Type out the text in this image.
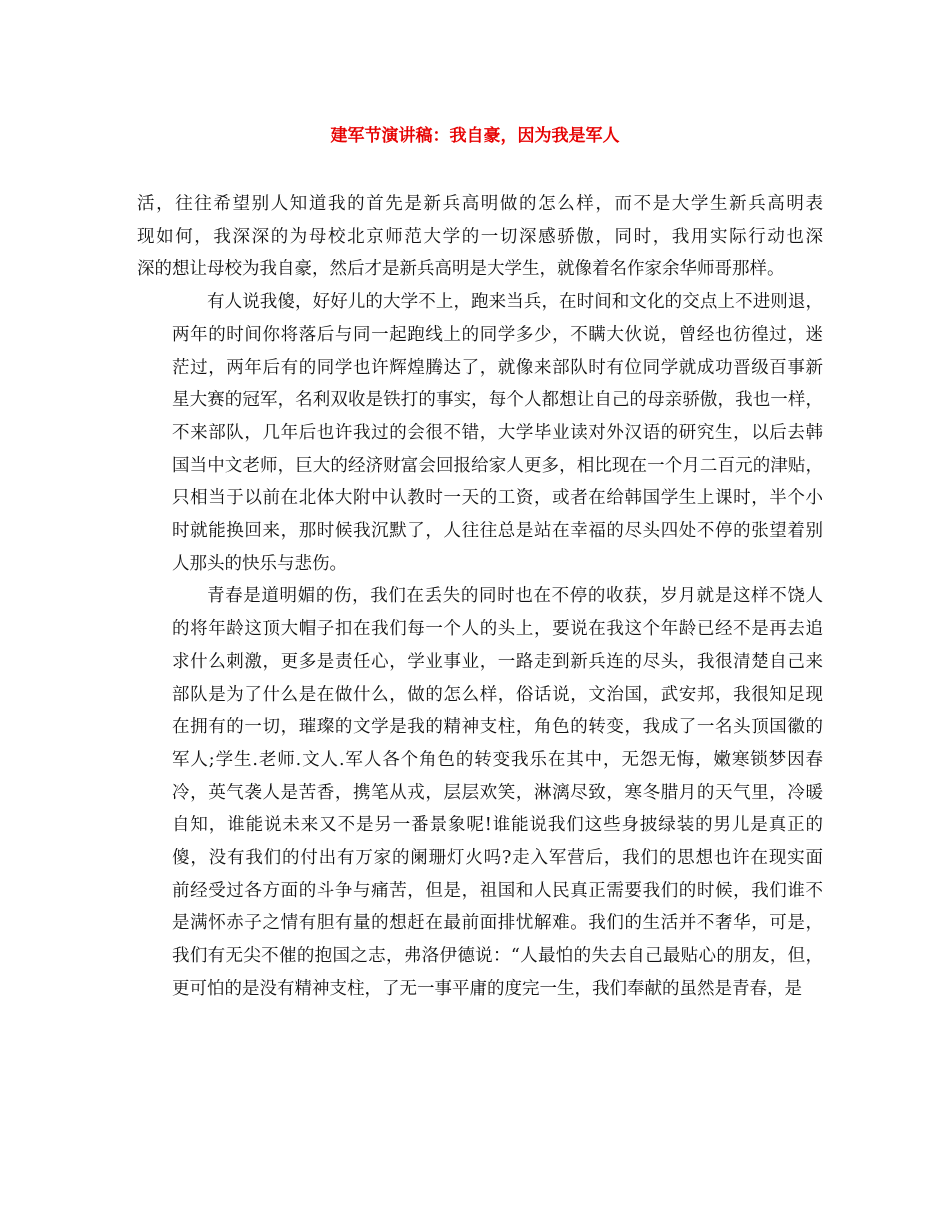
建军节演讲稿：我自豪，因为我是军人
活，往往希望别人知道我的首先是新兵高明做的怎么样，而不是大学生新兵高明表
现如何，我深深的为母校北京师范大学的一切深感骄傲，同时，我用实际行动也深
深的想让母校为我自豪，然后才是新兵高明是大学生，就像着名作家余华师哥那样。
有人说我傻，好好儿的大学不上，跑来当兵，在时间和文化的交点上不进则退，
两年的时间你将落后与同一起跑线上的同学多少，不瞒大伙说，曾经也彷徨过，迷
茫过，两年后有的同学也许辉煌腾达了，就像来部队时有位同学就成功晋级百事新
星大赛的冠军，名利双收是铁打的事实，每个人都想让自己的母亲骄傲，我也一样，
不来部队，几年后也许我过的会很不错，大学毕业读对外汉语的研究生，以后去韩
国当中文老师，巨大的经济财富会回报给家人更多，相比现在一个月二百元的津贴，
只相当于以前在北体大附中认教时一天的工资，或者在给韩国学生上课时，半个小
时就能换回来，那时候我沉默了，人往往总是站在幸福的尽头四处不停的张望着别
人那头的快乐与悲伤。
青春是道明媚的伤，我们在丢失的同时也在不停的收获，岁月就是这样不饶人
的将年龄这顶大帽子扣在我们每一个人的头上，要说在我这个年龄已经不是再去追
求什么刺激，更多是责任心，学业事业，一路走到新兵连的尽头，我很清楚自己来
部队是为了什么是在做什么，做的怎么样，俗话说，文治国，武安邦，我很知足现
在拥有的一切，璀璨的文学是我的精神支柱，角色的转变，我成了一名头顶国徽的
军人;学生.老师.文人.军人各个角色的转变我乐在其中，无怨无悔，嫩寒锁梦因春
冷，英气袭人是苦香，携笔从戎，层层欢笑，淋漓尽致，寒冬腊月的天气里，冷暖
自知，谁能说未来又不是另一番景象呢!谁能说我们这些身披绿装的男儿是真正的
傻，没有我们的付出有万家的阑珊灯火吗?走入军营后，我们的思想也许在现实面
前经受过各方面的斗争与痛苦，但是，祖国和人民真正需要我们的时候，我们谁不
是满怀赤子之情有胆有量的想赶在最前面排忧解难。我们的生活并不奢华，可是，
我们有无尖不催的抱国之志，弗洛伊德说：“人最怕的失去自己最贴心的朋友，但，
更可怕的是没有精神支柱，了无一事平庸的度完一生，我们奉献的虽然是青春，是
